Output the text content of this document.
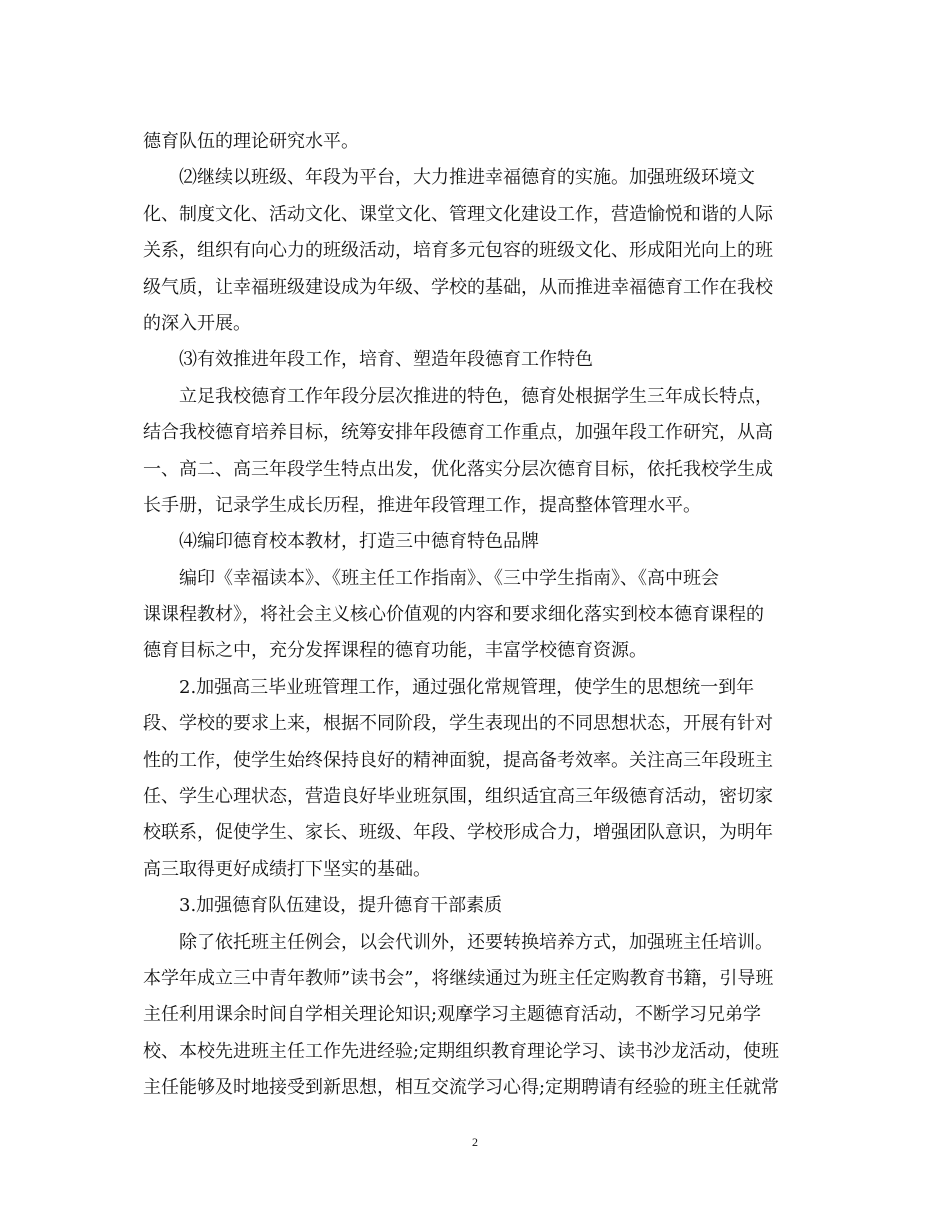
德育队伍的理论研究水平。
⑵继续以班级、年段为平台，大力推进幸福德育的实施。加强班级环境文
化、制度文化、活动文化、课堂文化、管理文化建设工作，营造愉悦和谐的人际
关系，组织有向心力的班级活动，培育多元包容的班级文化、形成阳光向上的班
级气质，让幸福班级建设成为年级、学校的基础，从而推进幸福德育工作在我校
的深入开展。
⑶有效推进年段工作，培育、塑造年段德育工作特色
立足我校德育工作年段分层次推进的特色，德育处根据学生三年成长特点，
结合我校德育培养目标，统筹安排年段德育工作重点，加强年段工作研究，从高
一、高二、高三年段学生特点出发，优化落实分层次德育目标，依托我校学生成
长手册，记录学生成长历程，推进年段管理工作，提高整体管理水平。
⑷编印德育校本教材，打造三中德育特色品牌
编印《幸福读本》、《班主任工作指南》、《三中学生指南》、《高中班会
课课程教材》，将社会主义核心价值观的内容和要求细化落实到校本德育课程的
德育目标之中，充分发挥课程的德育功能，丰富学校德育资源。
2.加强高三毕业班管理工作，通过强化常规管理，使学生的思想统一到年
段、学校的要求上来，根据不同阶段，学生表现出的不同思想状态，开展有针对
性的工作，使学生始终保持良好的精神面貌，提高备考效率。关注高三年段班主
任、学生心理状态，营造良好毕业班氛围，组织适宜高三年级德育活动，密切家
校联系，促使学生、家长、班级、年段、学校形成合力，增强团队意识，为明年
高三取得更好成绩打下坚实的基础。
3.加强德育队伍建设，提升德育干部素质
除了依托班主任例会，以会代训外，还要转换培养方式，加强班主任培训。
本学年成立三中青年教师”读书会”，将继续通过为班主任定购教育书籍，引导班
主任利用课余时间自学相关理论知识;观摩学习主题德育活动，不断学习兄弟学
校、本校先进班主任工作先进经验;定期组织教育理论学习、读书沙龙活动，使班
主任能够及时地接受到新思想，相互交流学习心得;定期聘请有经验的班主任就常
2
